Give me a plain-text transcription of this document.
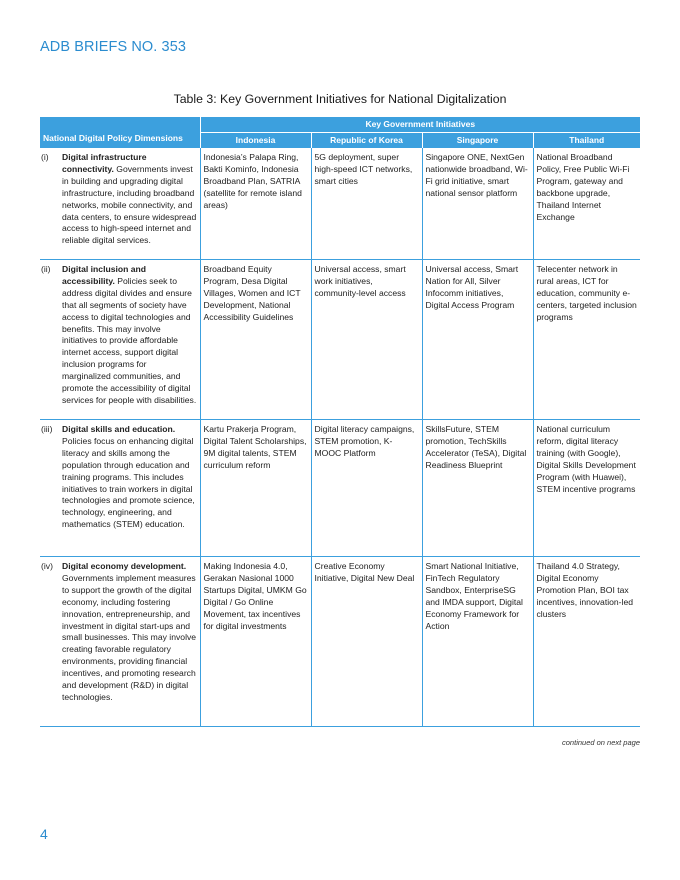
ADB BRIEFS NO. 353
Table 3: Key Government Initiatives for National Digitalization
National Digital Policy Dimensions	Key Government Initiatives			
	Indonesia	Republic of Korea	Singapore	Thailand

(i) Digital infrastructure connectivity. Governments invest in building and upgrading digital infrastructure, including broadband networks, mobile connectivity, and data centers, to ensure widespread access to high-speed internet and reliable digital services.	Indonesia’s Palapa Ring, Bakti Kominfo, Indonesia Broadband Plan, SATRIA (satellite for remote island areas)	5G deployment, super high-speed ICT networks, smart cities	Singapore ONE, NextGen nationwide broadband, Wi-Fi grid initiative, smart national sensor platform	National Broadband Policy, Free Public Wi-Fi Program, gateway and backbone upgrade, Thailand Internet Exchange

(ii) Digital inclusion and accessibility. Policies seek to address digital divides and ensure that all segments of society have access to digital technologies and benefits. This may involve initiatives to provide affordable internet access, support digital inclusion programs for marginalized communities, and promote the accessibility of digital services for people with disabilities.	Broadband Equity Program, Desa Digital Villages, Women and ICT Development, National Accessibility Guidelines	Universal access, smart work initiatives, community-level access	Universal access, Smart Nation for All, Silver Infocomm initiatives, Digital Access Program	Telecenter network in rural areas, ICT for education, community e-centers, targeted inclusion programs

(iii) Digital skills and education. Policies focus on enhancing digital literacy and skills among the population through education and training programs. This includes initiatives to train workers in digital technologies and promote science, technology, engineering, and mathematics (STEM) education.	Kartu Prakerja Program, Digital Talent Scholarships, 9M digital talents, STEM curriculum reform	Digital literacy campaigns, STEM promotion, K-MOOC Platform	SkillsFuture, STEM promotion, TechSkills Accelerator (TeSA), Digital Readiness Blueprint	National curriculum reform, digital literacy training (with Google), Digital Skills Development Program (with Huawei), STEM incentive programs

(iv) Digital economy development. Governments implement measures to support the growth of the digital economy, including fostering innovation, entrepreneurship, and investment in digital start-ups and small businesses. This may involve creating favorable regulatory environments, providing financial incentives, and promoting research and development (R&D) in digital technologies.	Making Indonesia 4.0, Gerakan Nasional 1000 Startups Digital, UMKM Go Digital / Go Online Movement, tax incentives for digital investments	Creative Economy Initiative, Digital New Deal	Smart National Initiative, FinTech Regulatory Sandbox, EnterpriseSG and IMDA support, Digital Economy Framework for Action	Thailand 4.0 Strategy, Digital Economy Promotion Plan, BOI tax incentives, innovation-led clusters
continued on next page
4
